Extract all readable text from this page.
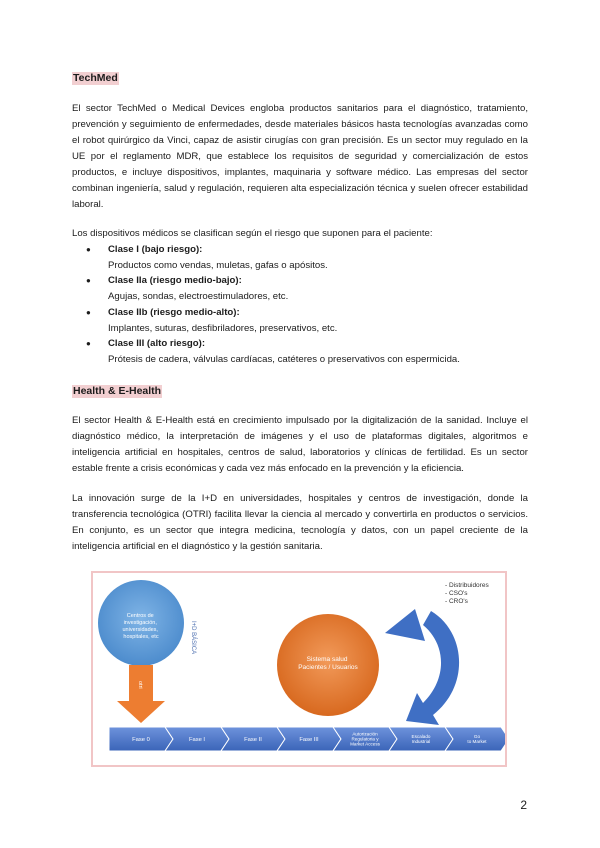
TechMed

El sector TechMed o Medical Devices engloba productos sanitarios para el diagnóstico, tratamiento, prevención y seguimiento de enfermedades, desde materiales básicos hasta tecnologías avanzadas como el robot quirúrgico da Vinci, capaz de asistir cirugías con gran precisión. Es un sector muy regulado en la UE por el reglamento MDR, que establece los requisitos de seguridad y comercialización de estos productos, e incluye dispositivos, implantes, maquinaria y software médico. Las empresas del sector combinan ingeniería, salud y regulación, requieren alta especialización técnica y suelen ofrecer estabilidad laboral.

Los dispositivos médicos se clasifican según el riesgo que suponen para el paciente:

● Clase I (bajo riesgo):
Productos como vendas, muletas, gafas o apósitos.
● Clase IIa (riesgo medio-bajo):
Agujas, sondas, electroestimuladores, etc.
● Clase IIb (riesgo medio-alto):
Implantes, suturas, desfibriladores, preservativos, etc.
● Clase III (alto riesgo):
Prótesis de cadera, válvulas cardíacas, catéteres o preservativos con espermicida.
Health & E-Health

El sector Health & E-Health está en crecimiento impulsado por la digitalización de la sanidad. Incluye el diagnóstico médico, la interpretación de imágenes y el uso de plataformas digitales, algoritmos e inteligencia artificial en hospitales, centros de salud, laboratorios y clínicas de fertilidad. Es un sector estable frente a crisis económicas y cada vez más enfocado en la prevención y la eficiencia.

La innovación surge de la I+D en universidades, hospitales y centros de investigación, donde la transferencia tecnológica (OTRI) facilita llevar la ciencia al mercado y convertirla en productos o servicios. En conjunto, es un sector que integra medicina, tecnología y datos, con un papel creciente de la inteligencia artificial en el diagnóstico y la gestión sanitaria.

Centros de investigación, universidades, hospitales, etc	I+D BÁSICA
otri
Sistema salud Pacientes / Usuarios
- Distribuidores - CSO's - CRO's
Fase 0	Fase I	Fase II	Fase III
Autorización Regulatoria y Market Access
Escalado Industrial
Go to Market
2
